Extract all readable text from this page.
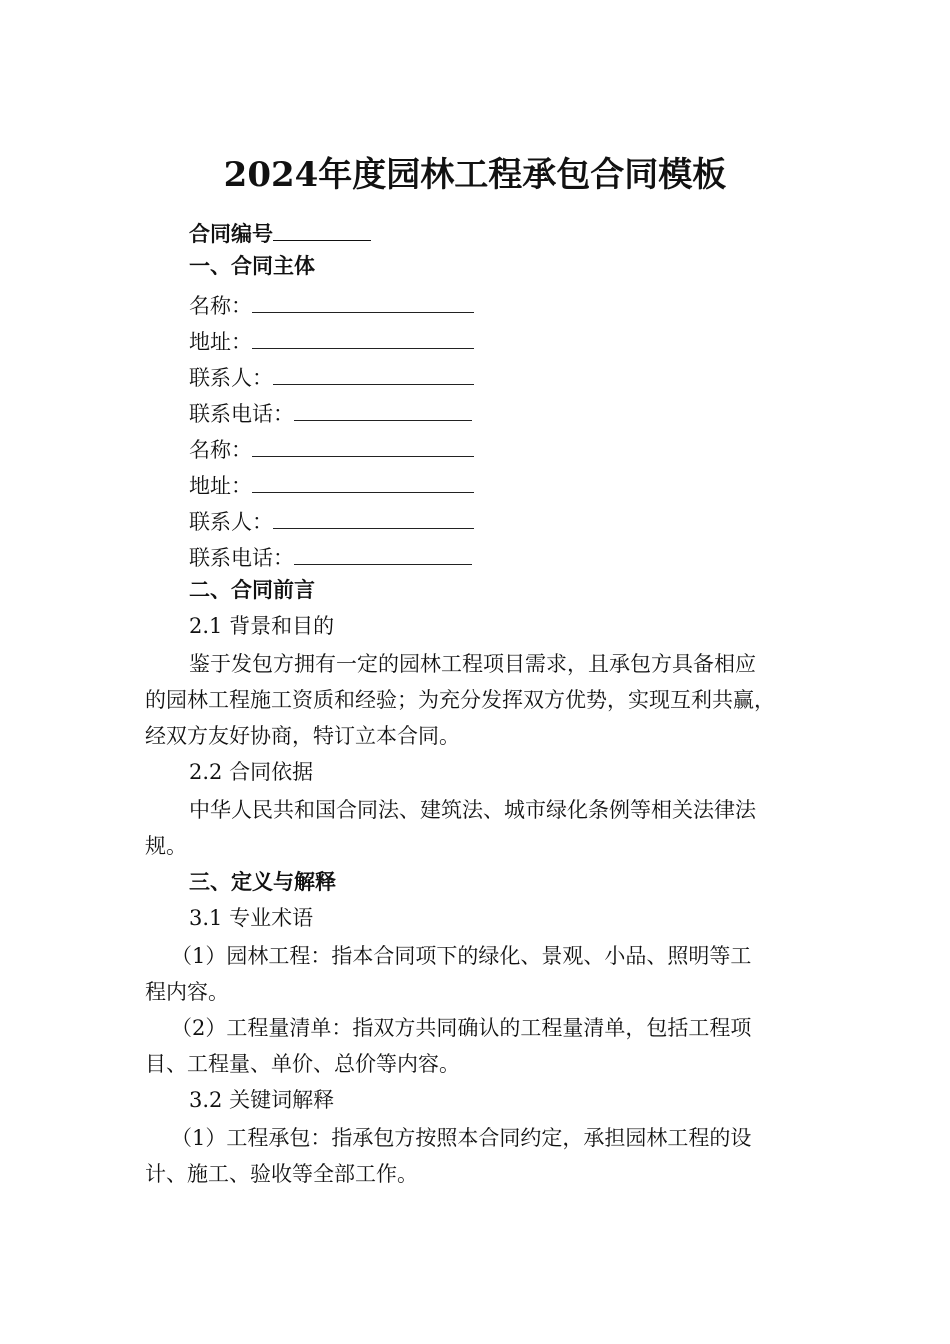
2024年度园林工程承包合同模板
合同编号
一、合同主体
名称：
地址：
联系人：
联系电话：
名称：
地址：
联系人：
联系电话：
二、合同前言
2.1 背景和目的
鉴于发包方拥有一定的园林工程项目需求，且承包方具备相应
的园林工程施工资质和经验；为充分发挥双方优势，实现互利共赢，
经双方友好协商，特订立本合同。
2.2 合同依据
中华人民共和国合同法、建筑法、城市绿化条例等相关法律法
规。
三、定义与解释
3.1 专业术语
（1）园林工程：指本合同项下的绿化、景观、小品、照明等工
程内容。
（2）工程量清单：指双方共同确认的工程量清单，包括工程项
目、工程量、单价、总价等内容。
3.2 关键词解释
（1）工程承包：指承包方按照本合同约定，承担园林工程的设
计、施工、验收等全部工作。
